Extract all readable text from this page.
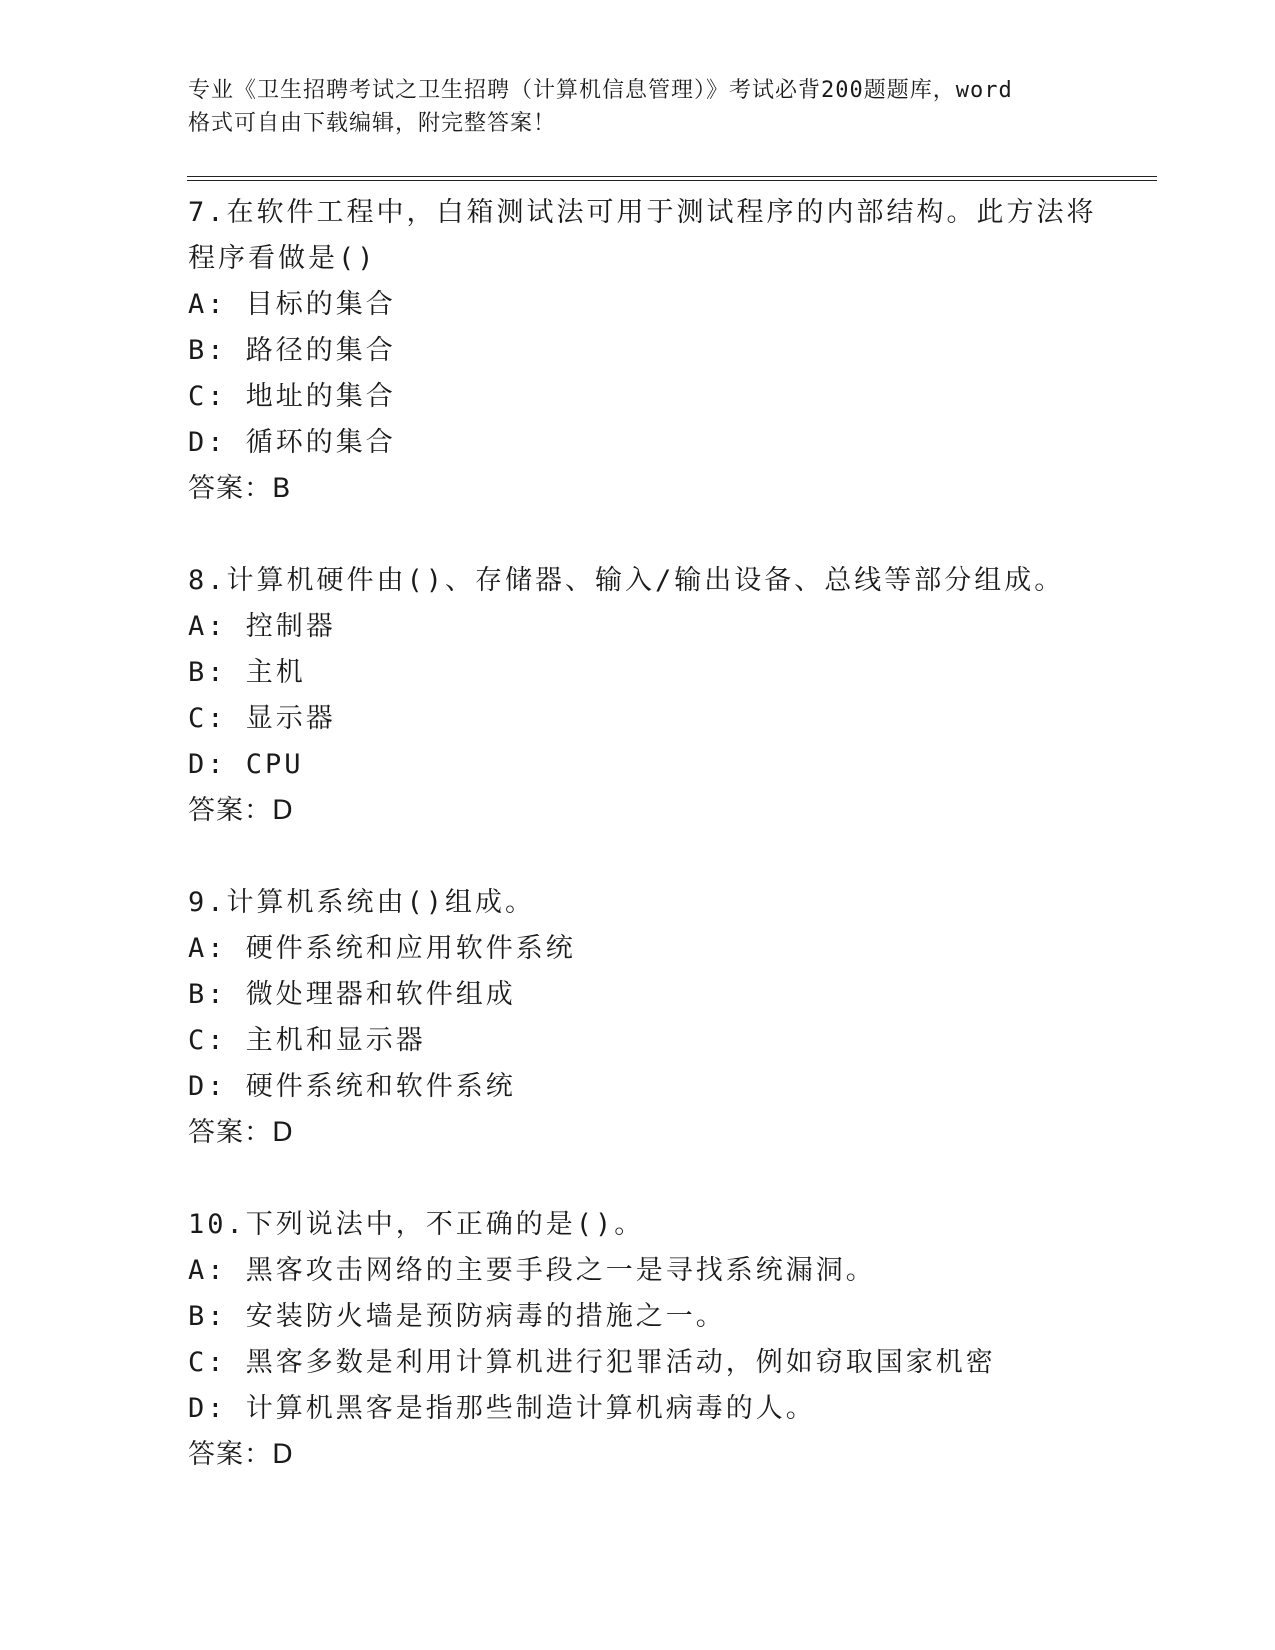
专业《卫生招聘考试之卫生招聘（计算机信息管理）》考试必背200题题库，word
格式可自由下载编辑，附完整答案！
7.在软件工程中，白箱测试法可用于测试程序的内部结构。此方法将
程序看做是()
A: 目标的集合
B: 路径的集合
C: 地址的集合
D: 循环的集合
答案：B
8.计算机硬件由()、存储器、输入/输出设备、总线等部分组成。
A: 控制器
B: 主机
C: 显示器
D: CPU
答案：D
9.计算机系统由()组成。
A: 硬件系统和应用软件系统
B: 微处理器和软件组成
C: 主机和显示器
D: 硬件系统和软件系统
答案：D
10.下列说法中，不正确的是()。
A: 黑客攻击网络的主要手段之一是寻找系统漏洞。
B: 安装防火墙是预防病毒的措施之一。
C: 黑客多数是利用计算机进行犯罪活动，例如窃取国家机密
D: 计算机黑客是指那些制造计算机病毒的人。
答案：D
